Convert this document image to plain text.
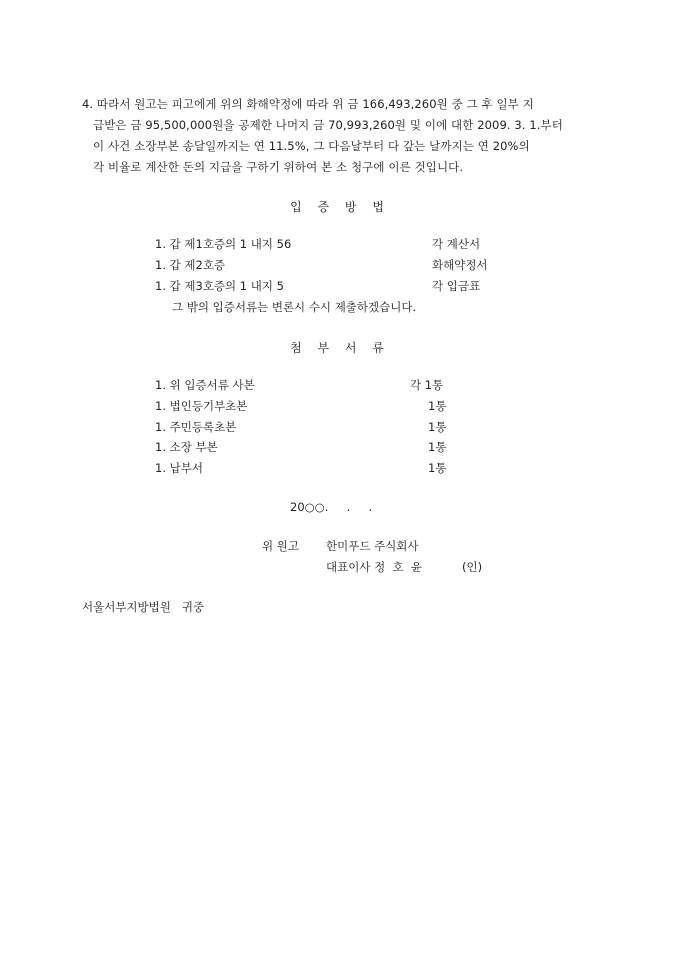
4. 따라서 원고는 피고에게 위의 화해약정에 따라 위 금 166,493,260원 중 그 후 일부 지
급받은 금 95,500,000원을 공제한 나머지 금 70,993,260원 및 이에 대한 2009. 3. 1.부터
이 사건 소장부본 송달일까지는 연 11.5%, 그 다음날부터 다 갚는 날까지는 연 20%의
각 비율로 계산한 돈의 지급을 구하기 위하여 본 소 청구에 이른 것입니다.
입 증 방 법
1. 갑 제1호증의 1 내지 56	각 계산서
1. 갑 제2호증	화해약정서
1. 갑 제3호증의 1 내지 5	각 입금표
그 밖의 입증서류는 변론시 수시 제출하겠습니다.
첨 부 서 류
1. 위 입증서류 사본	각 1통
1. 법인등기부초본	1통
1. 주민등록초본	1통
1. 소장 부본	1통
1. 납부서	1통
20○○.     .     .
위 원고 한미푸드 주식회사
대표이사 정  호  윤	(인)
서울서부지방법원   귀중
